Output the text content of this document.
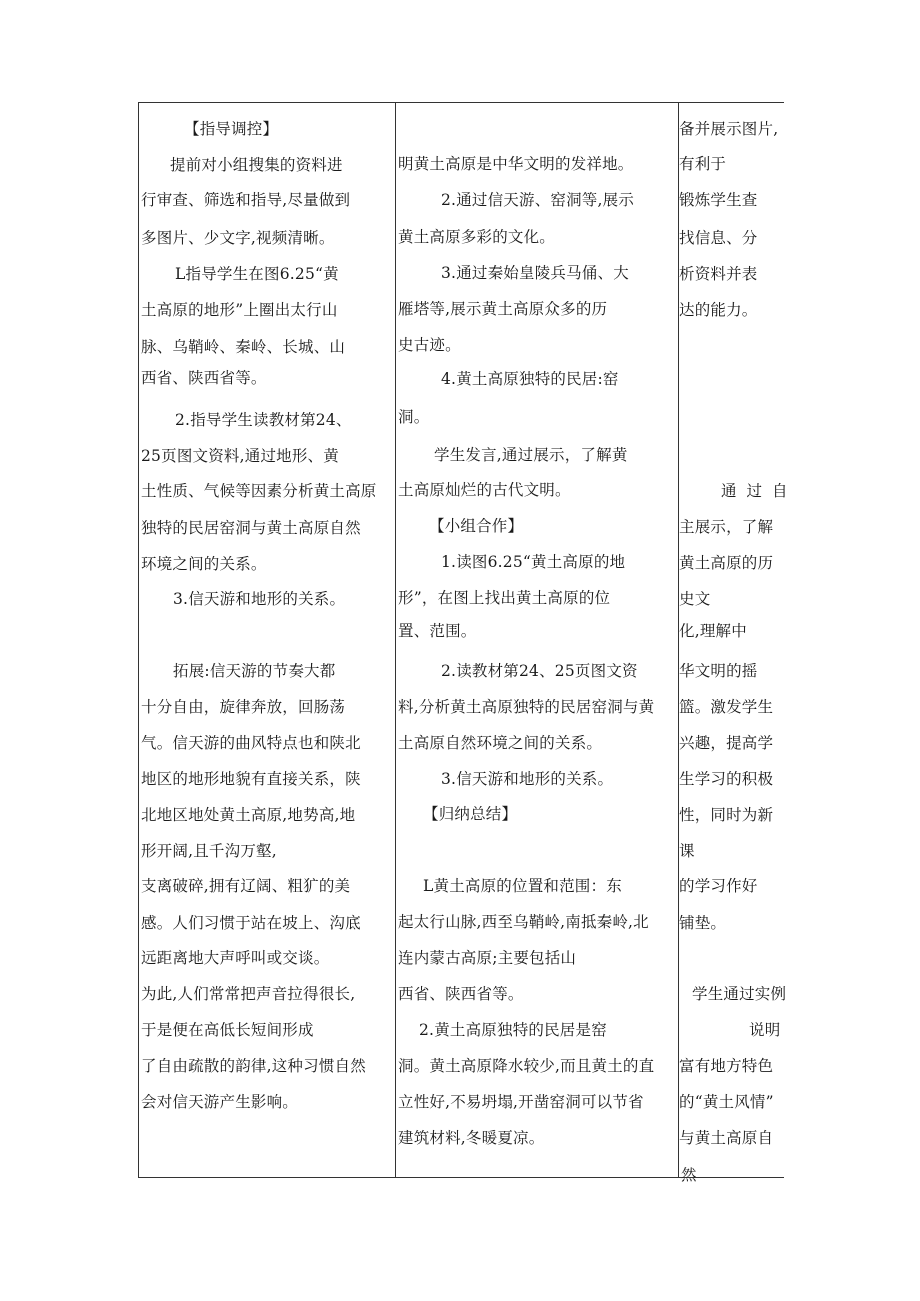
【指导调控】
提前对小组搜集的资料进
行审查、筛选和指导,尽量做到
多图片、少文字,视频清晰。
L指导学生在图6.25“黄
土高原的地形”上圈出太行山
脉、乌鞘岭、秦岭、长城、山
西省、陕西省等。
2.指导学生读教材第24、
25页图文资料,通过地形、黄
土性质、气候等因素分析黄土高原
独特的民居窑洞与黄土高原自然
环境之间的关系。
3.信天游和地形的关系。
拓展:信天游的节奏大都
十分自由，旋律奔放，回肠荡
气。信天游的曲风特点也和陕北
地区的地形地貌有直接关系，陕
北地区地处黄土高原,地势高,地
形开阔,且千沟万壑,
支离破碎,拥有辽阔、粗犷的美
感。人们习惯于站在坡上、沟底
远距离地大声呼叫或交谈。
为此,人们常常把声音拉得很长,
于是便在高低长短间形成
了自由疏散的韵律,这种习惯自然
会对信天游产生影响。
明黄土高原是中华文明的发祥地。
2.通过信天游、窑洞等,展示
黄土高原多彩的文化。
3.通过秦始皇陵兵马俑、大
雁塔等,展示黄土高原众多的历
史古迹。
4.黄土高原独特的民居:窑
洞。
学生发言,通过展示，了解黄
土高原灿烂的古代文明。
【小组合作】
1.读图6.25“黄土高原的地
形”，在图上找出黄土高原的位
置、范围。
2.读教材第24、25页图文资
料,分析黄土高原独特的民居窑洞与黄
土高原自然环境之间的关系。
3.信天游和地形的关系。
【归纳总结】
L黄土高原的位置和范围：东
起太行山脉,西至乌鞘岭,南抵秦岭,北
连内蒙古高原;主要包括山
西省、陕西省等。
2.黄土高原独特的民居是窑
洞。黄土高原降水较少,而且黄土的直
立性好,不易坍塌,开凿窑洞可以节省
建筑材料,冬暖夏凉。
备并展示图片,
有利于
锻炼学生查
找信息、分
析资料并表
达的能力。
通过自
主展示，了解
黄土高原的历
史文
化,理解中
华文明的摇
篮。激发学生
兴趣，提高学
生学习的积极
性，同时为新
课
的学习作好
铺垫。
学生通过实例
说明
富有地方特色
的“黄土风情”
与黄土高原自
然
